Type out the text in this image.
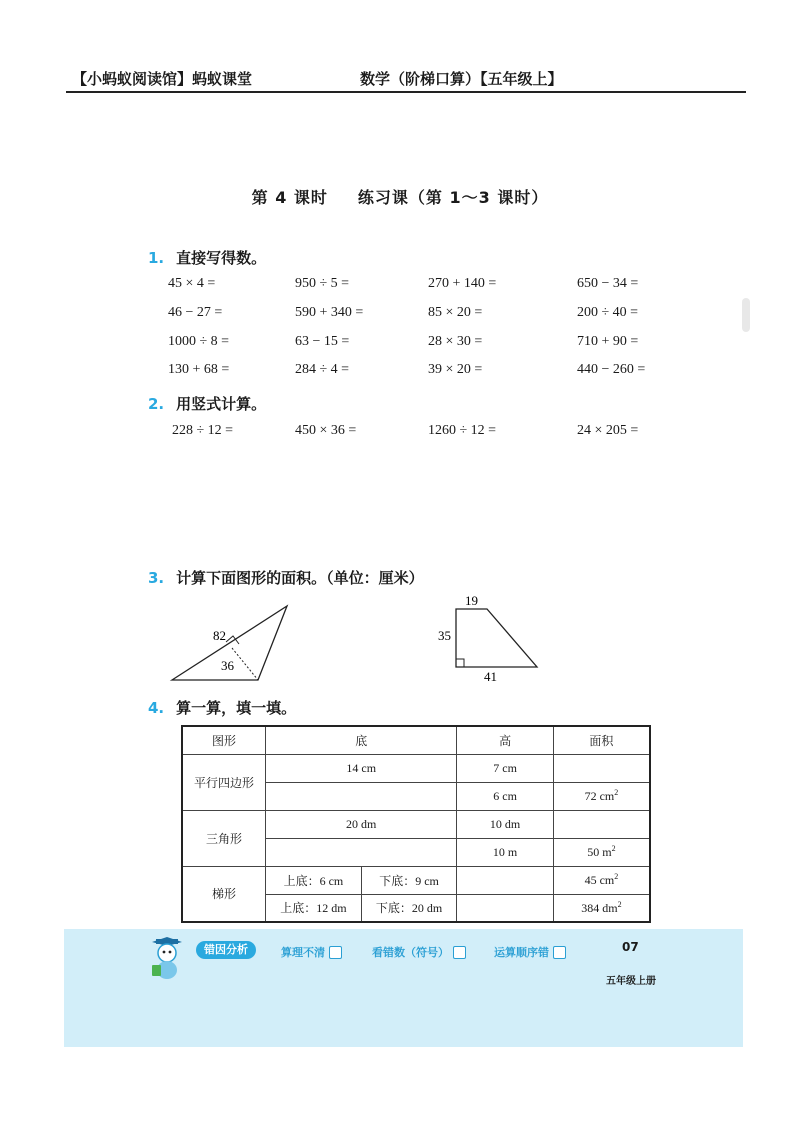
【小蚂蚁阅读馆】蚂蚁课堂	数学（阶梯口算）【五年级上】
第 4 课时 练习课（第 1～3 课时）
1. 直接写得数。
45 × 4 =	950 ÷ 5 =	270 + 140 =	650 − 34 =
46 − 27 =	590 + 340 =	85 × 20 =	200 ÷ 40 =
1000 ÷ 8 =	63 − 15 =	28 × 30 =	710 + 90 =
130 + 68 =	284 ÷ 4 =	39 × 20 =	440 − 260 =
2. 用竖式计算。
228 ÷ 12 =	450 × 36 =	1260 ÷ 12 =	24 × 205 =
3. 计算下面图形的面积。（单位：厘米）
82
36
19
35
41
4. 算一算，填一填。
图形	底		高	面积
平行四边形	14 cm		7 cm	
			6 cm	72 $cm^2$
三角形	20 dm		10 dm	
			10 m	50 $m^2$
梯形	上底：6 cm	下底：9 cm		45 $cm^2$
	上底：12 dm	下底：20 dm		384 $dm^2$
错因分析	算理不清	看错数（符号）	运算顺序错	07
五年级上册
